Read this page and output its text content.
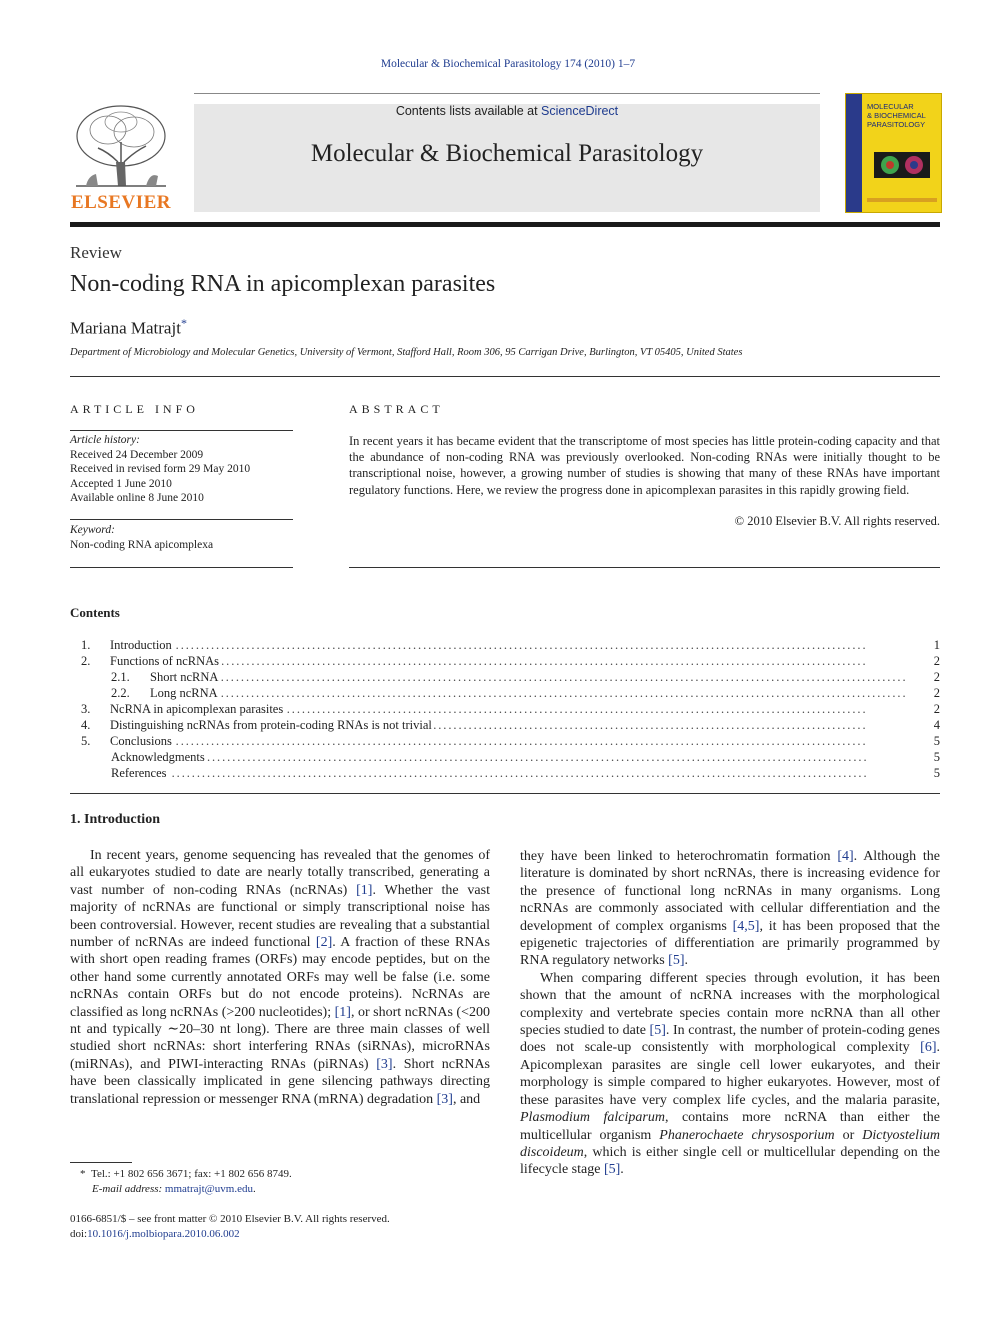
Molecular & Biochemical Parasitology 174 (2010) 1–7
ELSEVIER
Contents lists available at ScienceDirect
Molecular & Biochemical Parasitology
MOLECULAR
& BIOCHEMICAL
PARASITOLOGY
Review
Non-coding RNA in apicomplexan parasites
Mariana Matrajt*
Department of Microbiology and Molecular Genetics, University of Vermont, Stafford Hall, Room 306, 95 Carrigan Drive, Burlington, VT 05405, United States
ARTICLE INFO
Article history:
Received 24 December 2009
Received in revised form 29 May 2010
Accepted 1 June 2010
Available online 8 June 2010
Keyword:
Non-coding RNA apicomplexa
ABSTRACT
In recent years it has became evident that the transcriptome of most species has little protein-coding capacity and that the abundance of non-coding RNA was previously overlooked. Non-coding RNAs were initially thought to be transcriptional noise, however, a growing number of studies is showing that many of these RNAs have important regulatory functions. Here, we review the progress done in apicomplexan parasites in this rapidly growing field.
© 2010 Elsevier B.V. All rights reserved.
Contents
1. Introduction . . .	1
2. Functions of ncRNAs . . .	2
2.1. Short ncRNA . . .	2
2.2. Long ncRNA . . .	2
3. NcRNA in apicomplexan parasites . . .	2
4. Distinguishing ncRNAs from protein-coding RNAs is not trivial . . .	4
5. Conclusions . . .	5
Acknowledgments . . .	5
References . . .	5
1. Introduction

In recent years, genome sequencing has revealed that the genomes of all eukaryotes studied to date are nearly totally transcribed, generating a vast number of non-coding RNAs (ncRNAs) [1]. Whether the vast majority of ncRNAs are functional or simply transcriptional noise has been controversial. However, recent studies are revealing that a substantial number of ncRNAs are indeed functional [2]. A fraction of these RNAs with short open reading frames (ORFs) may encode peptides, but on the other hand some currently annotated ORFs may well be false (i.e. some ncRNAs contain ORFs but do not encode proteins). NcRNAs are classified as long ncRNAs (>200 nucleotides); [1], or short ncRNAs (<200 nt and typically ∼20–30 nt long). There are three main classes of well studied short ncRNAs: short interfering RNAs (siRNAs), microRNAs (miRNAs), and PIWI-interacting RNAs (piRNAs) [3]. Short ncRNAs have been classically implicated in gene silencing pathways directing translational repression or messenger RNA (mRNA) degradation [3], and

they have been linked to heterochromatin formation [4]. Although the literature is dominated by short ncRNAs, there is increasing evidence for the presence of functional long ncRNAs in many organisms. Long ncRNAs are commonly associated with cellular differentiation and the development of complex organisms [4,5], it has been proposed that the epigenetic trajectories of differentiation are primarily programmed by RNA regulatory networks [5].

When comparing different species through evolution, it has been shown that the amount of ncRNA increases with the morphological complexity and vertebrate species contain more ncRNA than all other species studied to date [5]. In contrast, the number of protein-coding genes does not scale-up consistently with morphological complexity [6]. Apicomplexan parasites are single cell lower eukaryotes, and their morphology is simple compared to higher eukaryotes. However, most of these parasites have very complex life cycles, and the malaria parasite, Plasmodium falciparum, contains more ncRNA than either the multicellular organism Phanerochaete chrysosporium or Dictyostelium discoideum, which is either single cell or multicellular depending on the lifecycle stage [5].

* Tel.: +1 802 656 3671; fax: +1 802 656 8749.
E-mail address: mmatrajt@uvm.edu.
0166-6851/$ – see front matter © 2010 Elsevier B.V. All rights reserved.
doi:10.1016/j.molbiopara.2010.06.002
